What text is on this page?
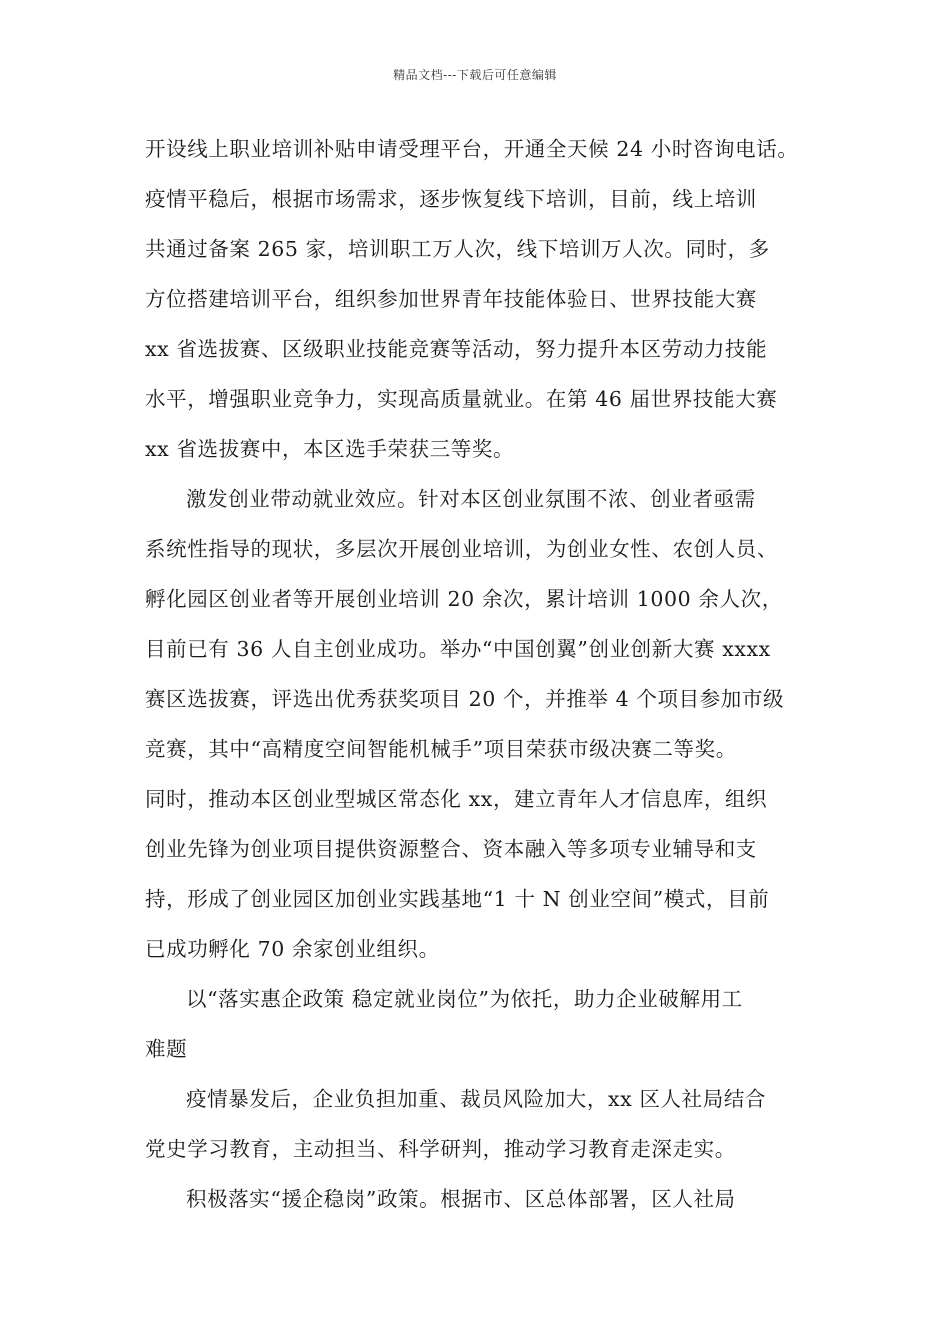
精品文档---下载后可任意编辑
开设线上职业培训补贴申请受理平台，开通全天候 24 小时咨询电话。
疫情平稳后，根据市场需求，逐步恢复线下培训，目前，线上培训
共通过备案 265 家，培训职工万人次，线下培训万人次。同时，多
方位搭建培训平台，组织参加世界青年技能体验日、世界技能大赛
xx 省选拔赛、区级职业技能竞赛等活动，努力提升本区劳动力技能
水平，增强职业竞争力，实现高质量就业。在第 46 届世界技能大赛
xx 省选拔赛中，本区选手荣获三等奖。
激发创业带动就业效应。针对本区创业氛围不浓、创业者亟需
系统性指导的现状，多层次开展创业培训，为创业女性、农创人员、
孵化园区创业者等开展创业培训 20 余次，累计培训 1000 余人次，
目前已有 36 人自主创业成功。举办“中国创翼”创业创新大赛 xxxx
赛区选拔赛，评选出优秀获奖项目 20 个，并推举 4 个项目参加市级
竞赛，其中“高精度空间智能机械手”项目荣获市级决赛二等奖。
同时，推动本区创业型城区常态化 xx，建立青年人才信息库，组织
创业先锋为创业项目提供资源整合、资本融入等多项专业辅导和支
持，形成了创业园区加创业实践基地“1 十 N 创业空间”模式，目前
已成功孵化 70 余家创业组织。
以“落实惠企政策 稳定就业岗位”为依托，助力企业破解用工
难题
疫情暴发后，企业负担加重、裁员风险加大，xx 区人社局结合
党史学习教育，主动担当、科学研判，推动学习教育走深走实。
积极落实“援企稳岗”政策。根据市、区总体部署，区人社局
